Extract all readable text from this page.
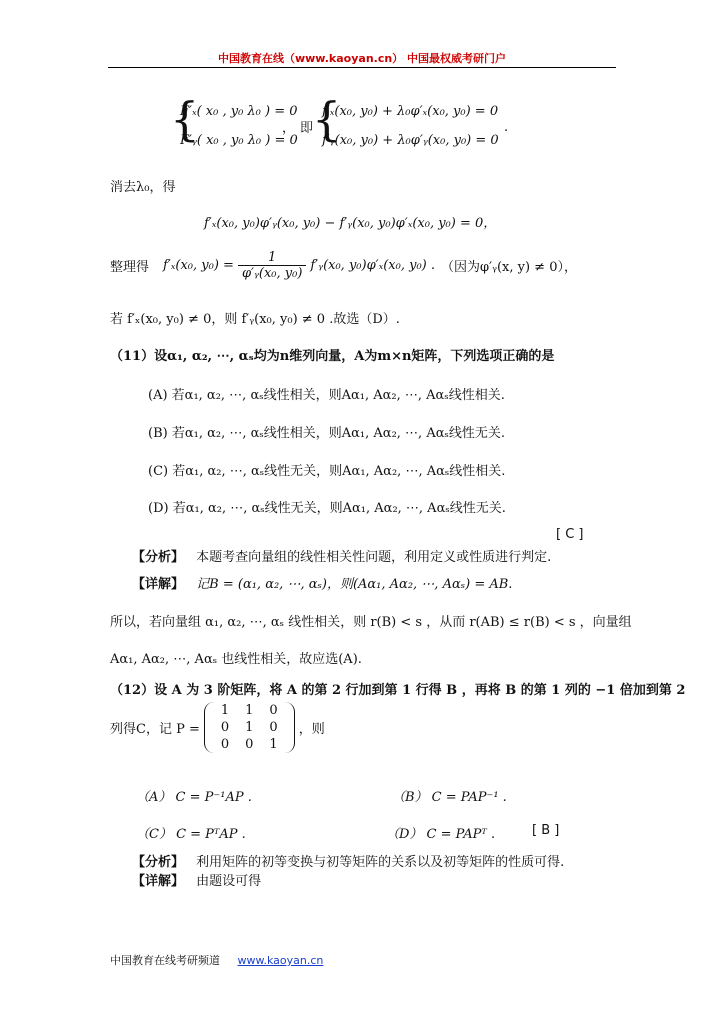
中国教育在线（www.kaoyan.cn） 中国最权威考研门户
{
F′ₓ( x₀ , y₀ λ₀ ) = 0
F′ᵧ( x₀ , y₀ λ₀ ) = 0
， 即
{
f′ₓ(x₀, y₀) + λ₀φ′ₓ(x₀, y₀) = 0
f′ᵧ(x₀, y₀) + λ₀φ′ᵧ(x₀, y₀) = 0
.
消去λ₀，得
f′ₓ(x₀, y₀)φ′ᵧ(x₀, y₀) − f′ᵧ(x₀, y₀)φ′ₓ(x₀, y₀) = 0，
整理得 f′ₓ(x₀, $y_0) = \frac{1}{\text{φ′ᵧ(x₀, y₀)}}$ f′ᵧ(x₀, y₀)φ′ₓ(x₀, y₀) . （因为φ′ᵧ(x, y) ≠ 0），
若 f′ₓ(x₀, y₀) ≠ 0，则 f′ᵧ(x₀, y₀) ≠ 0 .故选（D）.
（11）设α₁, α₂, ⋯, αₛ均为n维列向量，A为m×n矩阵，下列选项正确的是
(A) 若α₁, α₂, ⋯, αₛ线性相关，则Aα₁, Aα₂, ⋯, Aαₛ线性相关.
(B) 若α₁, α₂, ⋯, αₛ线性相关，则Aα₁, Aα₂, ⋯, Aαₛ线性无关.
(C) 若α₁, α₂, ⋯, αₛ线性无关，则Aα₁, Aα₂, ⋯, Aαₛ线性相关.
(D) 若α₁, α₂, ⋯, αₛ线性无关，则Aα₁, Aα₂, ⋯, Aαₛ线性无关.
[ C ]
【分析】 本题考查向量组的线性相关性问题，利用定义或性质进行判定.
【详解】 记B = (α₁, α₂, ⋯, αₛ)，则(Aα₁, Aα₂, ⋯, Aαₛ) = AB.
所以，若向量组 α₁, α₂, ⋯, αₛ 线性相关，则 r(B) < s ，从而 r(AB) ≤ r(B) < s ，向量组
Aα₁, Aα₂, ⋯, Aαₛ 也线性相关，故应选(A).
（12）设 A 为 3 阶矩阵，将 A 的第 2 行加到第 1 行得 B ，再将 B 的第 1 列的 −1 倍加到第 2
列得C，记 P =
1	1	0
0	1	0
0	0	1
，则
（A） C = P⁻¹AP .	（B） C = PAP⁻¹ .
（C） C = PᵀAP .	（D） C = PAPᵀ .	[ B ]
【分析】 利用矩阵的初等变换与初等矩阵的关系以及初等矩阵的性质可得.
【详解】 由题设可得
中国教育在线考研频道 www.kaoyan.cn
